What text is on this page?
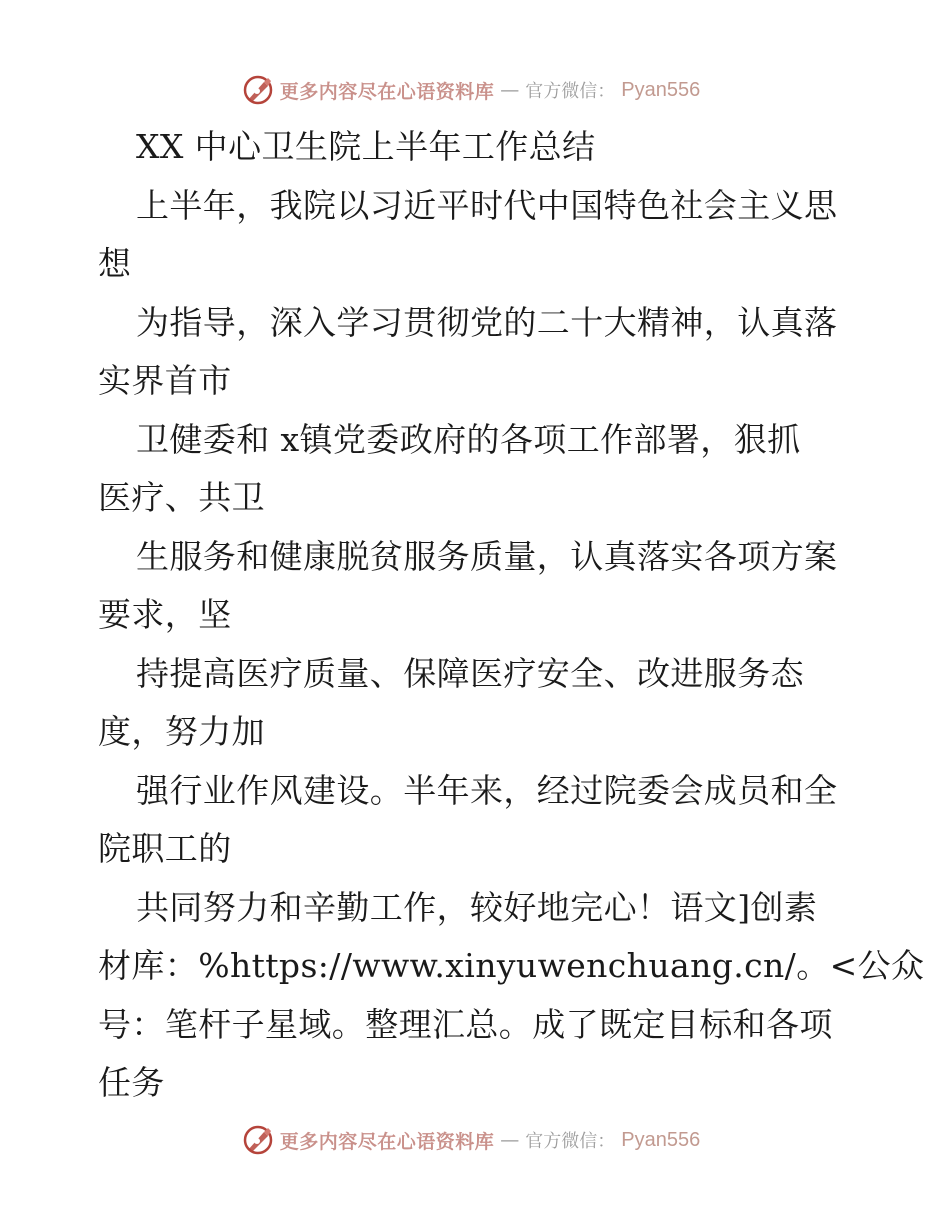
更多内容尽在心语资料库 — 官方微信： Pyan556
XX 中心卫生院上半年工作总结
上半年，我院以习近平时代中国特色社会主义思
想
为指导，深入学习贯彻党的二十大精神，认真落
实界首市
卫健委和 x镇党委政府的各项工作部署，狠抓
医疗、共卫
生服务和健康脱贫服务质量，认真落实各项方案
要求，坚
持提高医疗质量、保障医疗安全、改进服务态
度，努力加
强行业作风建设。半年来，经过院委会成员和全
院职工的
共同努力和辛勤工作，较好地完心！语文]创素
材库：%https://www.xinyuwenchuang.cn/。<公众
号：笔杆子星域。整理汇总。成了既定目标和各项
任务
更多内容尽在心语资料库 — 官方微信： Pyan556
